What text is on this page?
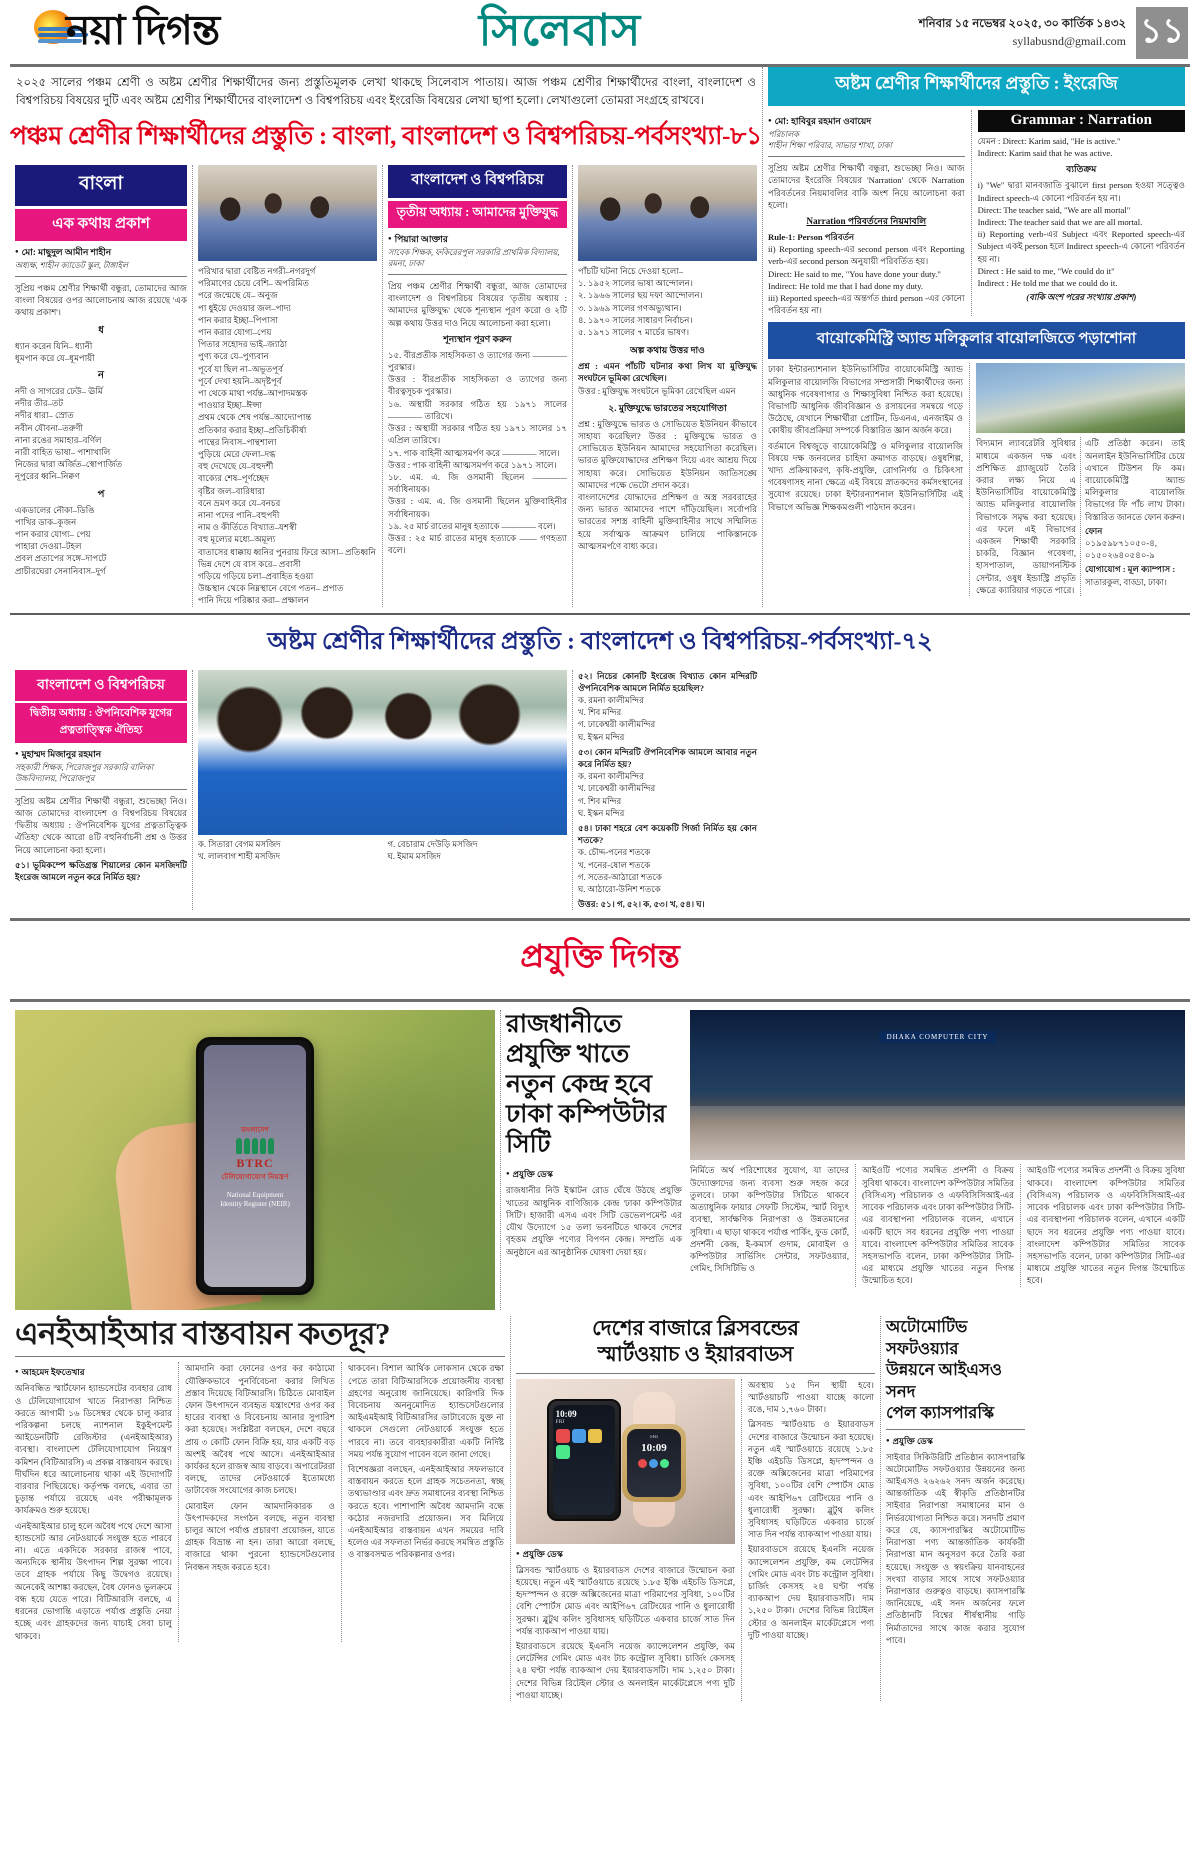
নয়া দিগন্ত	সিলেবাস	শনিবার ১৫ নভেম্বর ২০২৫, ৩০ কার্তিক ১৪৩২
syllabusnd@gmail.com ১১
২০২৫ সালের পঞ্চম শ্রেণী ও অষ্টম শ্রেণীর শিক্ষার্থীদের জন্য প্রস্তুতিমূলক লেখা থাকছে সিলেবাস পাতায়। আজ পঞ্চম শ্রেণীর শিক্ষার্থীদের বাংলা, বাংলাদেশ ও বিশ্বপরিচয় বিষয়ের দুটি এবং অষ্টম শ্রেণীর শিক্ষার্থীদের বাংলাদেশ ও বিশ্বপরিচয় এবং ইংরেজি বিষয়ের লেখা ছাপা হলো। লেখাগুলো তোমরা সংগ্রহে রাখবে।
পঞ্চম শ্রেণীর শিক্ষার্থীদের প্রস্তুতি : বাংলা, বাংলাদেশ ও বিশ্বপরিচয়-পর্বসংখ্যা-৮১
বাংলা
এক কথায় প্রকাশ
● মো: মাছুদুল আমীন শাহীন
অধ্যক্ষ, শাহীন ক্যাডেট স্কুল, টাঙ্গাইল
সুপ্রিয় পঞ্চম শ্রেণীর শিক্ষার্থী বন্ধুরা, তোমাদের আজ বাংলা বিষয়ের ওপর আলোচনায় আজ রয়েছে 'এক কথায় প্রকাশ'।
ধ
ধ্যান করেন যিনি– ধ্যানী
ধূমপান করে যে–ধূমপায়ী
ন
নদী ও সাগরের ঢেউ– ঊর্মি
নদীর তীর–তট
নদীর ধারা– স্রোত
নবীন যৌবনা–তরুণী
নানা রঙের সমাহার–বর্ণিল
নারী বাহিত ভাষা– পাশাখালি
নিজের দ্বারা অর্জিত–স্বোপার্জিত
নূপুরের ধ্বনি–নিক্বণ
প
একডালের নৌকা–ডিঙি
পাখির ডাক–কূজন
পান করার যোগ্য– পেয়
পাহারা দেওয়া–টহল
প্রবল প্রতাপের সঙ্গে–দাপটে
প্রাচীরঘেরা সেনানিবাস–দুর্গ
পরিখার দ্বারা বেষ্টিত নগরী–নগরদুর্গ
পরিমাণের চেয়ে বেশি– অপরিমিত
পরে জন্মেছে যে– অনুজ
পা ধুইয়ে দেওয়ার জল–পাদ্য
পান করার ইচ্ছা–পিপাসা
পান করার যোগ্য–পেয়
পিতার সহোদর ভাই–জ্যাঠা
পুণ্য করে যে–পুণ্যবান
পূর্বে যা ছিল না–অভূতপূর্ব
পূর্বে দেখা হয়নি–অদৃষ্টপূর্ব
পা থেকে মাথা পর্যন্ত–আপাদমস্তক
পাওয়ার ইচ্ছা–ঈপ্সা
প্রথম থেকে শেষ পর্যন্ত–আদ্যোপান্ত
প্রতিকার করার ইচ্ছা–প্রতিচিকীর্ষা
পান্থের নিবাস–পান্থশালা
পুড়িয়ে মেরে ফেলা–দগ্ধ
বহু দেখেছে যে–বহুদর্শী
বাক্যের শেষ–পূর্ণচ্ছেদ
বৃষ্টির জল–বারিধারা
বনে ভ্রমণ করে যে–বনচর
নানা পদের পানি–বহুপদী
নাম ও কীর্তিতে বিখ্যাত–যশস্বী
বহু মূল্যের মধ্যে–অমূল্য
বাতাসের ধাক্কায় ধ্বনির পুনরায় ফিরে আসা– প্রতিধ্বনি
ভিন্ন দেশে যে বাস করে– প্রবাসী
গড়িয়ে গড়িয়ে চলা–প্রবাহিত হওয়া
উচ্চস্থান থেকে নিম্নস্থানে বেগে পতন– প্রপাত
পানি দিয়ে পরিষ্কার করা– প্রক্ষালন
বাংলাদেশ ও বিশ্বপরিচয়
তৃতীয় অধ্যায় : আমাদের মুক্তিযুদ্ধ
● পিয়ারা আক্তার
সাবেক শিক্ষক, ফকিরেরপুল সরকারি প্রাথমিক বিদ্যালয়, রমনা, ঢাকা
প্রিয় পঞ্চম শ্রেণীর শিক্ষার্থী বন্ধুরা, আজ তোমাদের বাংলাদেশ ও বিশ্বপরিচয় বিষয়ের 'তৃতীয় অধ্যায় : আমাদের মুক্তিযুদ্ধ' থেকে শূন্যস্থান পূরণ করো ও ২টি অল্প কথায় উত্তর দাও নিয়ে আলোচনা করা হলো।
শূন্যস্থান পূরণ করুন
১৫. বীরপ্রতীক সাহসিকতা ও ত্যাগের জন্য ―――― পুরস্কার।
উত্তর : বীরপ্রতীক সাহসিকতা ও ত্যাগের জন্য বীরত্বসূচক পুরস্কার।
১৬. অস্থায়ী সরকার গঠিত হয় ১৯৭১ সালের ―――― তারিখে।
উত্তর : অস্থায়ী সরকার গঠিত হয় ১৯৭১ সালের ১৭ এপ্রিল তারিখে।
১৭. পাক বাহিনী আত্মসমর্পণ করে ―――― সালে।
উত্তর : পাক বাহিনী আত্মসমর্পণ করে ১৯৭১ সালে।
১৮. এম. এ. জি ওসমানী ছিলেন ―――― সর্বাধিনায়ক।
উত্তর : এম. এ. জি ওসমানী ছিলেন মুক্তিবাহিনীর সর্বাধিনায়ক।
১৯. ২৫ মার্চ রাতের মানুষ হত্যাকে ―――― বলে।
উত্তর : ২৫ মার্চ রাতের মানুষ হত্যাকে ―― গণহত্যা বলে।
পাঁচটি ঘটনা নিচে দেওয়া হলো–
১. ১৯৫২ সালের ভাষা আন্দোলন।
২. ১৯৬৬ সালের ছয় দফা আন্দোলন।
৩. ১৯৬৯ সালের গণঅভ্যুত্থান।
৪. ১৯৭০ সালের সাধারণ নির্বাচন।
৫. ১৯৭১ সালের ৭ মার্চের ভাষণ।
অল্প কথায় উত্তর দাও
প্রশ্ন : এমন পাঁচটি ঘটনার কথা লিখ যা মুক্তিযুদ্ধ সংঘটনে ভূমিকা রেখেছিল।
উত্তর : মুক্তিযুদ্ধ সংঘটনে ভূমিকা রেখেছিল এমন
২. মুক্তিযুদ্ধে ভারতের সহযোগিতা
প্রশ্ন : মুক্তিযুদ্ধে ভারত ও সোভিয়েত ইউনিয়ন কীভাবে সাহায্য করেছিল? উত্তর : মুক্তিযুদ্ধে ভারত ও সোভিয়েত ইউনিয়ন আমাদের সহযোগিতা করেছিল। ভারত মুক্তিযোদ্ধাদের প্রশিক্ষণ দিয়ে এবং আশ্রয় দিয়ে সাহায্য করে। সোভিয়েত ইউনিয়ন জাতিসঙ্ঘে আমাদের পক্ষে ভেটো প্রদান করে।
বাংলাদেশের যোদ্ধাদের প্রশিক্ষণ ও অস্ত্র সরবরাহের জন্য ভারত আমাদের পাশে দাঁড়িয়েছিল। সর্বোপরি ভারতের সশস্ত্র বাহিনী মুক্তিবাহিনীর সাথে সম্মিলিত হয়ে সর্বাত্মক আক্রমণ চালিয়ে পাকিস্তানকে আত্মসমর্পণে বাধ্য করে।
অষ্টম শ্রেণীর শিক্ষার্থীদের প্রস্তুতি : ইংরেজি
● মো: হাবিবুর রহমান ওবায়েদ
পরিচালক
শাহীন শিক্ষা পরিবার, সাভার শাখা, ঢাকা
সুপ্রিয় অষ্টম শ্রেণীর শিক্ষার্থী বন্ধুরা, শুভেচ্ছা নিও। আজ তোমাদের ইংরেজি বিষয়ের 'Narration' থেকে Narration পরিবর্তনের নিয়মাবলির বাকি অংশ নিয়ে আলোচনা করা হলো।
Narration পরিবর্তনের নিয়মাবলি
Rule-1: Person পরিবর্তন
ii) Reporting speech-এর second person এবং Reporting verb-এর second person অনুযায়ী পরিবর্তিত হয়।
Direct: He said to me, "You have done your duty."
Indirect: He told me that I had done my duty.
iii) Reported speech-এর অন্তর্গত third person -এর কোনো পরিবর্তন হয় না।
Grammar : Narration
যেমন : Direct: Karim said, "He is active."
Indirect: Karim said that he was active.
ব্যতিক্রম
i) "We" দ্বারা মানবজাতি বুঝালে first person হওয়া সত্ত্বেও Indirect speech-এ কোনো পরিবর্তন হয় না।
Direct: The teacher said, "We are all mortal"
Indirect: The teacher said that we are all mortal.
ii) Reporting verb-এর Subject এবং Reported speech-এর Subject একই person হলে Indirect speech-এ কোনো পরিবর্তন হয় না।
Direct : He said to me, "We could do it"
Indirect : He told me that we could do it.
(বাকি অংশ পরের সংখ্যায় প্রকাশ)
বায়োকেমিস্ট্রি অ্যান্ড মলিকুলার বায়োলজিতে পড়াশোনা
ঢাকা ইন্টারন্যাশনাল ইউনিভার্সিটির বায়োকেমিস্ট্রি অ্যান্ড মলিকুলার বায়োলজি বিভাগের সম্প্রসারী শিক্ষার্থীদের জন্য আধুনিক গবেষণাগার ও শিক্ষাসুবিধা নিশ্চিত করা হয়েছে। বিভাগটি আধুনিক জীববিজ্ঞান ও রসায়নের সমন্বয়ে গড়ে উঠেছে, যেখানে শিক্ষার্থীরা প্রোটিন, ডিএনএ, এনজাইম ও কোষীয় জীবপ্রক্রিয়া সম্পর্কে বিস্তারিত জ্ঞান অর্জন করে।
বর্তমানে বিশ্বজুড়ে বায়োকেমিস্ট্রি ও মলিকুলার বায়োলজি বিষয়ে দক্ষ জনবলের চাহিদা ক্রমাগত বাড়ছে। ওষুধশিল্প, খাদ্য প্রক্রিয়াকরণ, কৃষি-প্রযুক্তি, রোগনির্ণয় ও চিকিৎসা গবেষণাসহ নানা ক্ষেত্রে এই বিষয়ে স্নাতকদের কর্মসংস্থানের সুযোগ রয়েছে। ঢাকা ইন্টারন্যাশনাল ইউনিভার্সিটির এই বিভাগে অভিজ্ঞ শিক্ষকমণ্ডলী পাঠদান করেন।
বিদ্যমান ল্যাবরেটরি সুবিধার মাধ্যমে একজন দক্ষ এবং প্রশিক্ষিত গ্র্যাজুয়েট তৈরি করার লক্ষ্য নিয়ে এ ইউনিভার্সিটির বায়োকেমিস্ট্রি অ্যান্ড মলিকুলার বায়োলজি বিভাগকে সমৃদ্ধ করা হয়েছে। এর ফলে এই বিভাগের একজন শিক্ষার্থী সরকারি চাকরি, বিজ্ঞান গবেষণা, হাসপাতাল, ডায়াগনস্টিক সেন্টার, ওষুধ ইন্ডাস্ট্রি প্রভৃতি ক্ষেত্রে ক্যারিয়ার গড়তে পারে।
এটি প্রতিষ্ঠা করেন। তাই অনলাইন ইউনিভার্সিটির চেয়ে এখানে টিউশন ফি কম। বায়োকেমিস্ট্রি অ্যান্ড মলিকুলার বায়োলজি বিভাগের ফি পাঁচ লাখ টাকা। বিস্তারিত জানতে ফোন করুন।
ফোন
০১৯৫৯৮৭১০৫০-৪,
০১৫০২৬৪০৫৪০-৯
যোগাযোগ : মূল ক্যাম্পাস :
সাতারকুল, বাড্ডা, ঢাকা।
অষ্টম শ্রেণীর শিক্ষার্থীদের প্রস্তুতি : বাংলাদেশ ও বিশ্বপরিচয়-পর্বসংখ্যা-৭২
বাংলাদেশ ও বিশ্বপরিচয়
দ্বিতীয় অধ্যায় : ঔপনিবেশিক যুগের
প্রত্নতাত্ত্বিক ঐতিহ্য
● মুহাম্মদ মিজানুর রহমান
সহকারী শিক্ষক, পিরোজপুর সরকারি বালিকা উচ্চবিদ্যালয়, পিরোজপুর
সুপ্রিয় অষ্টম শ্রেণীর শিক্ষার্থী বন্ধুরা, শুভেচ্ছা নিও। আজ তোমাদের বাংলাদেশ ও বিশ্বপরিচয় বিষয়ের 'দ্বিতীয় অধ্যায় : ঔপনিবেশিক যুগের প্রত্নতাত্ত্বিক ঐতিহ্য' থেকে আরো ৪টি বহুনির্বাচনী প্রশ্ন ও উত্তর নিয়ে আলোচনা করা হলো।
৫১। ভূমিকম্পে ক্ষতিগ্রস্ত শিয়ালের কোন মসজিদটি ইংরেজ আমলে নতুন করে নির্মিত হয়?
ক. সিতারা বেগম মসজিদ
খ. লালবাগ শাহী মসজিদ
গ. বেচারাম দেউড়ি মসজিদ
ঘ. ইমাম মসজিদ
৫২। নিচের কোনটি ইংরেজ বিখ্যাত কোন মন্দিরটি ঔপনিবেশিক আমলে নির্মিত হয়েছিল?
ক. রমনা কালীমন্দির
খ. শিব মন্দির
গ. ঢাকেশ্বরী কালীমন্দির
ঘ. ইস্কন মন্দির
৫৩। কোন মন্দিরটি ঔপনিবেশিক আমলে আবার নতুন করে নির্মিত হয়?
ক. রমনা কালীমন্দির
খ. ঢাকেশ্বরী কালীমন্দির
গ. শিব মন্দির
ঘ. ইস্কন মন্দির
৫৪। ঢাকা শহরে বেশ কয়েকটি গির্জা নির্মিত হয় কোন শতকে?
ক. চৌদ্দ-পনের শতকে
খ. পনের-ষোল শতকে
গ. সতের-আঠারো শতকে
ঘ. আঠারো-উনিশ শতকে
উত্তর: ৫১। গ, ৫২। ক, ৫৩। খ, ৫৪। ঘ।
প্রযুক্তি দিগন্ত
বাংলাদেশ
BTRC
টেলিযোগাযোগ নিয়ন্ত্রণ
National Equipment
Identity Register (NEIR)
রাজধানীতে প্রযুক্তি খাতে নতুন কেন্দ্র হবে ঢাকা কম্পিউটার সিটি
● প্রযুক্তি ডেস্ক
রাজধানীর নিউ ইস্কাটন রোড ঘেঁষে উঠছে প্রযুক্তি খাতের আধুনিক বাণিজ্যিক কেন্দ্র 'ঢাকা কম্পিউটার সিটি'। হাজারী এসএ এবং সিটি ডেভেলপমেন্ট এর যৌথ উদ্যোগে ১৫ তলা ভবনটিতে থাকবে দেশের বৃহত্তম প্রযুক্তি পণ্যের বিপণন কেন্দ্র। সম্প্রতি এক অনুষ্ঠানে এর আনুষ্ঠানিক ঘোষণা দেয়া হয়।
DHAKA COMPUTER CITY
নির্মিতে অর্থ পরিশোধের সুযোগ, যা তাদের উদ্যোক্তাদের জন্য ব্যবসা শুরু সহজ করে তুলবে। ঢাকা কম্পিউটার সিটিতে থাকবে অত্যাধুনিক ফায়ার সেফটি সিস্টেম, স্মার্ট বিদ্যুৎ ব্যবস্থা, সার্বক্ষণিক নিরাপত্তা ও উন্নতমানের সুবিধা। এ ছাড়া থাকবে পর্যাপ্ত পার্কিং, ফুড কোর্ট, প্রদর্শনী কেন্দ্র, ই-কমার্স গুদাম, মোবাইল ও কম্পিউটার সার্ভিসিং সেন্টার, সফটওয়্যার, গেমিং, সিসিটিভি ও
আইওটি পণ্যের সমন্বিত প্রদর্শনী ও বিক্রয় সুবিধা থাকবে। বাংলাদেশ কম্পিউটার সমিতির (বিসিএস) পরিচালক ও এফবিসিসিআই-এর সাবেক পরিচালক এবং ঢাকা কম্পিউটার সিটি-এর ব্যবস্থাপনা পরিচালক বলেন, এখানে একটি ছাদে সব ধরনের প্রযুক্তি পণ্য পাওয়া যাবে। বাংলাদেশ কম্পিউটার সমিতির সাবেক সহসভাপতি বলেন, ঢাকা কম্পিউটার সিটি-এর মাধ্যমে প্রযুক্তি খাতের নতুন দিগন্ত উন্মোচিত হবে।
আইওটি পণ্যের সমন্বিত প্রদর্শনী ও বিক্রয় সুবিধা থাকবে। বাংলাদেশ কম্পিউটার সমিতির (বিসিএস) পরিচালক ও এফবিসিসিআই-এর সাবেক পরিচালক এবং ঢাকা কম্পিউটার সিটি-এর ব্যবস্থাপনা পরিচালক বলেন, এখানে একটি ছাদে সব ধরনের প্রযুক্তি পণ্য পাওয়া যাবে। বাংলাদেশ কম্পিউটার সমিতির সাবেক সহসভাপতি বলেন, ঢাকা কম্পিউটার সিটি-এর মাধ্যমে প্রযুক্তি খাতের নতুন দিগন্ত উন্মোচিত হবে।
এনইআইআর বাস্তবায়ন কতদূর?
● আহমেদ ইফতেখার
অনিবন্ধিত স্মার্টফোন হ্যান্ডসেটের ব্যবহার রোধ ও টেলিযোগাযোগ খাতে নিরাপত্তা নিশ্চিত করতে আগামী ১৬ ডিসেম্বর থেকে চালু করার পরিকল্পনা চলছে ন্যাশনাল ইকুইপমেন্ট আইডেনটিটি রেজিস্টার (এনইআইআর) ব্যবস্থা। বাংলাদেশ টেলিযোগাযোগ নিয়ন্ত্রণ কমিশন (বিটিআরসি) এ প্রকল্প বাস্তবায়ন করছে। দীর্ঘদিন ধরে আলোচনায় থাকা এই উদ্যোগটি বারবার পিছিয়েছে। কর্তৃপক্ষ বলছে, এবার তা চূড়ান্ত পর্যায়ে রয়েছে এবং পরীক্ষামূলক কার্যক্রমও শুরু হয়েছে।
এনইআইআর চালু হলে অবৈধ পথে দেশে আসা হ্যান্ডসেট আর নেটওয়ার্কে সংযুক্ত হতে পারবে না। এতে একদিকে সরকার রাজস্ব পাবে, অন্যদিকে স্থানীয় উৎপাদন শিল্প সুরক্ষা পাবে। তবে গ্রাহক পর্যায়ে কিছু উদ্বেগও রয়েছে। অনেকেই আশঙ্কা করছেন, বৈধ ফোনও ভুলক্রমে বন্ধ হয়ে যেতে পারে। বিটিআরসি বলছে, এ ধরনের ভোগান্তি এড়াতে পর্যাপ্ত প্রস্তুতি নেয়া হচ্ছে এবং গ্রাহকদের জন্য যাচাই সেবা চালু থাকবে।
আমদানি করা ফোনের ওপর কর কাঠামো যৌক্তিকভাবে পুনর্বিবেচনা করার লিখিত প্রস্তাব দিয়েছে বিটিআরসি। চিঠিতে মোবাইল ফোন উৎপাদনে ব্যবহৃত যন্ত্রাংশের ওপর কর হারের ব্যবস্থা ও বিবেচনায় আনার সুপারিশ করা হয়েছে। সংশ্লিষ্টরা বলছেন, দেশে বছরে প্রায় ৩ কোটি ফোন বিক্রি হয়, যার একটি বড় অংশই অবৈধ পথে আসে। এনইআইআর কার্যকর হলে রাজস্ব আয় বাড়বে। অপারেটররা বলছে, তাদের নেটওয়ার্কে ইতোমধ্যে ডাটাবেজ সংযোগের কাজ চলছে।
মোবাইল ফোন আমদানিকারক ও উৎপাদকদের সংগঠন বলছে, নতুন ব্যবস্থা চালুর আগে পর্যাপ্ত প্রচারণা প্রয়োজন, যাতে গ্রাহক বিভ্রান্ত না হন। তারা আরো বলছে, বাজারে থাকা পুরনো হ্যান্ডসেটগুলোর নিবন্ধন সহজ করতে হবে।
থাকবেন। বিশাল আর্থিক লোকসান থেকে রক্ষা পেতে তারা বিটিআরসিকে প্রয়োজনীয় ব্যবস্থা গ্রহণের অনুরোধ জানিয়েছে। কারিগরি দিক বিবেচনায় অননুমোদিত হ্যান্ডসেটগুলোর আইএমইআই বিটিআরসির ডাটাবেজে যুক্ত না থাকলে সেগুলো নেটওয়ার্কে সংযুক্ত হতে পারবে না। তবে ব্যবহারকারীরা একটি নির্দিষ্ট সময় পর্যন্ত সুযোগ পাবেন বলে জানা গেছে।
বিশেষজ্ঞরা বলছেন, এনইআইআর সফলভাবে বাস্তবায়ন করতে হলে গ্রাহক সচেতনতা, স্বচ্ছ তথ্যভাণ্ডার এবং দ্রুত সমাধানের ব্যবস্থা নিশ্চিত করতে হবে। পাশাপাশি অবৈধ আমদানি বন্ধে কঠোর নজরদারি প্রয়োজন। সব মিলিয়ে এনইআইআর বাস্তবায়ন এখন সময়ের দাবি হলেও এর সফলতা নির্ভর করছে সমন্বিত প্রস্তুতি ও বাস্তবসম্মত পরিকল্পনার ওপর।
দেশের বাজারে ব্লিসবন্ডের
স্মার্টওয়াচ ও ইয়ারবাডস
10:09
FRI
FRI
10:09
● প্রযুক্তি ডেস্ক
ব্লিসবন্ড স্মার্টওয়াচ ও ইয়ারবাডস দেশের বাজারে উন্মোচন করা হয়েছে। নতুন এই স্মার্টওয়াচে রয়েছে ১.৮৫ ইঞ্চি এইচডি ডিসপ্লে, হৃদস্পন্দন ও রক্তে অক্সিজেনের মাত্রা পরিমাপের সুবিধা, ১০০টির বেশি স্পোর্টস মোড এবং আইপি৬৭ রেটিংয়ের পানি ও ধুলারোধী সুরক্ষা। ব্লুটুথ কলিং সুবিধাসহ ঘড়িটিতে একবার চার্জে সাত দিন পর্যন্ত ব্যাকআপ পাওয়া যায়।
ইয়ারবাডসে রয়েছে ইএনসি নয়েজ ক্যান্সেলেশন প্রযুক্তি, কম লেটেন্সির গেমিং মোড এবং টাচ কন্ট্রোল সুবিধা। চার্জিং কেসসহ ২৪ ঘণ্টা পর্যন্ত ব্যাকআপ দেয় ইয়ারবাডসটি। দাম ১,২৫০ টাকা। দেশের বিভিন্ন রিটেইল স্টোর ও অনলাইন মার্কেটপ্লেসে পণ্য দুটি পাওয়া যাচ্ছে।
অবস্থায় ১৫ দিন স্থায়ী হবে। স্মার্টওয়াচটি পাওয়া যাচ্ছে কালো রঙে, দাম ১,৭৬০ টাকা।
ব্লিসবন্ড স্মার্টওয়াচ ও ইয়ারবাডস দেশের বাজারে উন্মোচন করা হয়েছে। নতুন এই স্মার্টওয়াচে রয়েছে ১.৮৫ ইঞ্চি এইচডি ডিসপ্লে, হৃদস্পন্দন ও রক্তে অক্সিজেনের মাত্রা পরিমাপের সুবিধা, ১০০টির বেশি স্পোর্টস মোড এবং আইপি৬৭ রেটিংয়ের পানি ও ধুলারোধী সুরক্ষা। ব্লুটুথ কলিং সুবিধাসহ ঘড়িটিতে একবার চার্জে সাত দিন পর্যন্ত ব্যাকআপ পাওয়া যায়।
ইয়ারবাডসে রয়েছে ইএনসি নয়েজ ক্যান্সেলেশন প্রযুক্তি, কম লেটেন্সির গেমিং মোড এবং টাচ কন্ট্রোল সুবিধা। চার্জিং কেসসহ ২৪ ঘণ্টা পর্যন্ত ব্যাকআপ দেয় ইয়ারবাডসটি। দাম ১,২৫০ টাকা। দেশের বিভিন্ন রিটেইল স্টোর ও অনলাইন মার্কেটপ্লেসে পণ্য দুটি পাওয়া যাচ্ছে।
অটোমোটিভ সফটওয়্যার
উন্নয়নে আইএসও সনদ
পেল ক্যাসপারস্কি
● প্রযুক্তি ডেস্ক
সাইবার সিকিউরিটি প্রতিষ্ঠান ক্যাসপারস্কি অটোমোটিভ সফটওয়্যার উন্নয়নের জন্য আইএসও ২৬২৬২ সনদ অর্জন করেছে। আন্তর্জাতিক এই স্বীকৃতি প্রতিষ্ঠানটির সাইবার নিরাপত্তা সমাধানের মান ও নির্ভরযোগ্যতা নিশ্চিত করে। সনদটি প্রমাণ করে যে, ক্যাসপারস্কির অটোমোটিভ নিরাপত্তা পণ্য আন্তর্জাতিক কার্যকরী নিরাপত্তা মান অনুসরণ করে তৈরি করা হয়েছে। সংযুক্ত ও স্বয়ংক্রিয় যানবাহনের সংখ্যা বাড়ার সাথে সাথে সফটওয়্যার নিরাপত্তার গুরুত্বও বাড়ছে। ক্যাসপারস্কি জানিয়েছে, এই সনদ অর্জনের ফলে প্রতিষ্ঠানটি বিশ্বের শীর্ষস্থানীয় গাড়ি নির্মাতাদের সাথে কাজ করার সুযোগ পাবে।
